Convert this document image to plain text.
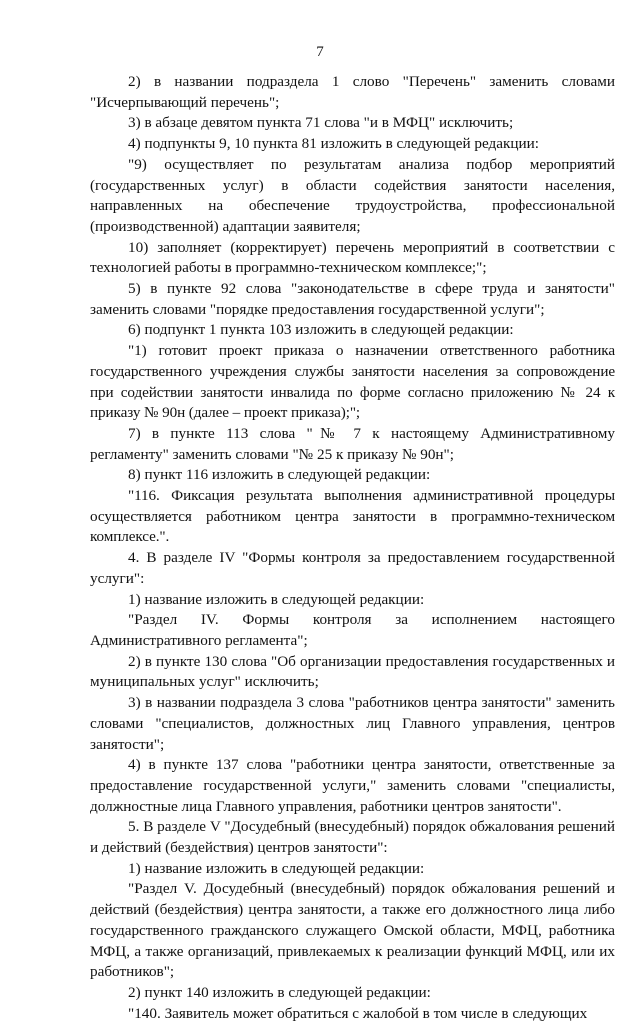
7

2) в названии подраздела 1 слово "Перечень" заменить словами "Исчерпывающий перечень";

3) в абзаце девятом пункта 71 слова "и в МФЦ" исключить;

4) подпункты 9, 10 пункта 81 изложить в следующей редакции:

"9) осуществляет по результатам анализа подбор мероприятий (государственных услуг) в области содействия занятости населения, направленных на обеспечение трудоустройства, профессиональной (производственной) адаптации заявителя;

10) заполняет (корректирует) перечень мероприятий в соответствии с технологией работы в программно-техническом комплексе;";

5) в пункте 92 слова "законодательстве в сфере труда и занятости" заменить словами "порядке предоставления государственной услуги";

6) подпункт 1 пункта 103 изложить в следующей редакции:

"1) готовит проект приказа о назначении ответственного работника государственного учреждения службы занятости населения за сопровождение при содействии занятости инвалида по форме согласно приложению № 24 к приказу № 90н (далее – проект приказа);";

7) в пункте 113 слова "№ 7 к настоящему Административному регламенту" заменить словами "№ 25 к приказу № 90н";

8) пункт 116 изложить в следующей редакции:

"116. Фиксация результата выполнения административной процедуры осуществляется работником центра занятости в программно-техническом комплексе.".

4. В разделе IV "Формы контроля за предоставлением государственной услуги":

1) название изложить в следующей редакции:

"Раздел IV. Формы контроля за исполнением настоящего Административного регламента";

2) в пункте 130 слова "Об организации предоставления государственных и муниципальных услуг" исключить;

3) в названии подраздела 3 слова "работников центра занятости" заменить словами "специалистов, должностных лиц Главного управления, центров занятости";

4) в пункте 137 слова "работники центра занятости, ответственные за предоставление государственной услуги," заменить словами "специалисты, должностные лица Главного управления, работники центров занятости".

5. В разделе V "Досудебный (внесудебный) порядок обжалования решений и действий (бездействия) центров занятости":

1) название изложить в следующей редакции:

"Раздел V. Досудебный (внесудебный) порядок обжалования решений и действий (бездействия) центра занятости, а также его должностного лица либо государственного гражданского служащего Омской области, МФЦ, работника МФЦ, а также организаций, привлекаемых к реализации функций МФЦ, или их работников";

2) пункт 140 изложить в следующей редакции:

"140. Заявитель может обратиться с жалобой в том числе в следующих
